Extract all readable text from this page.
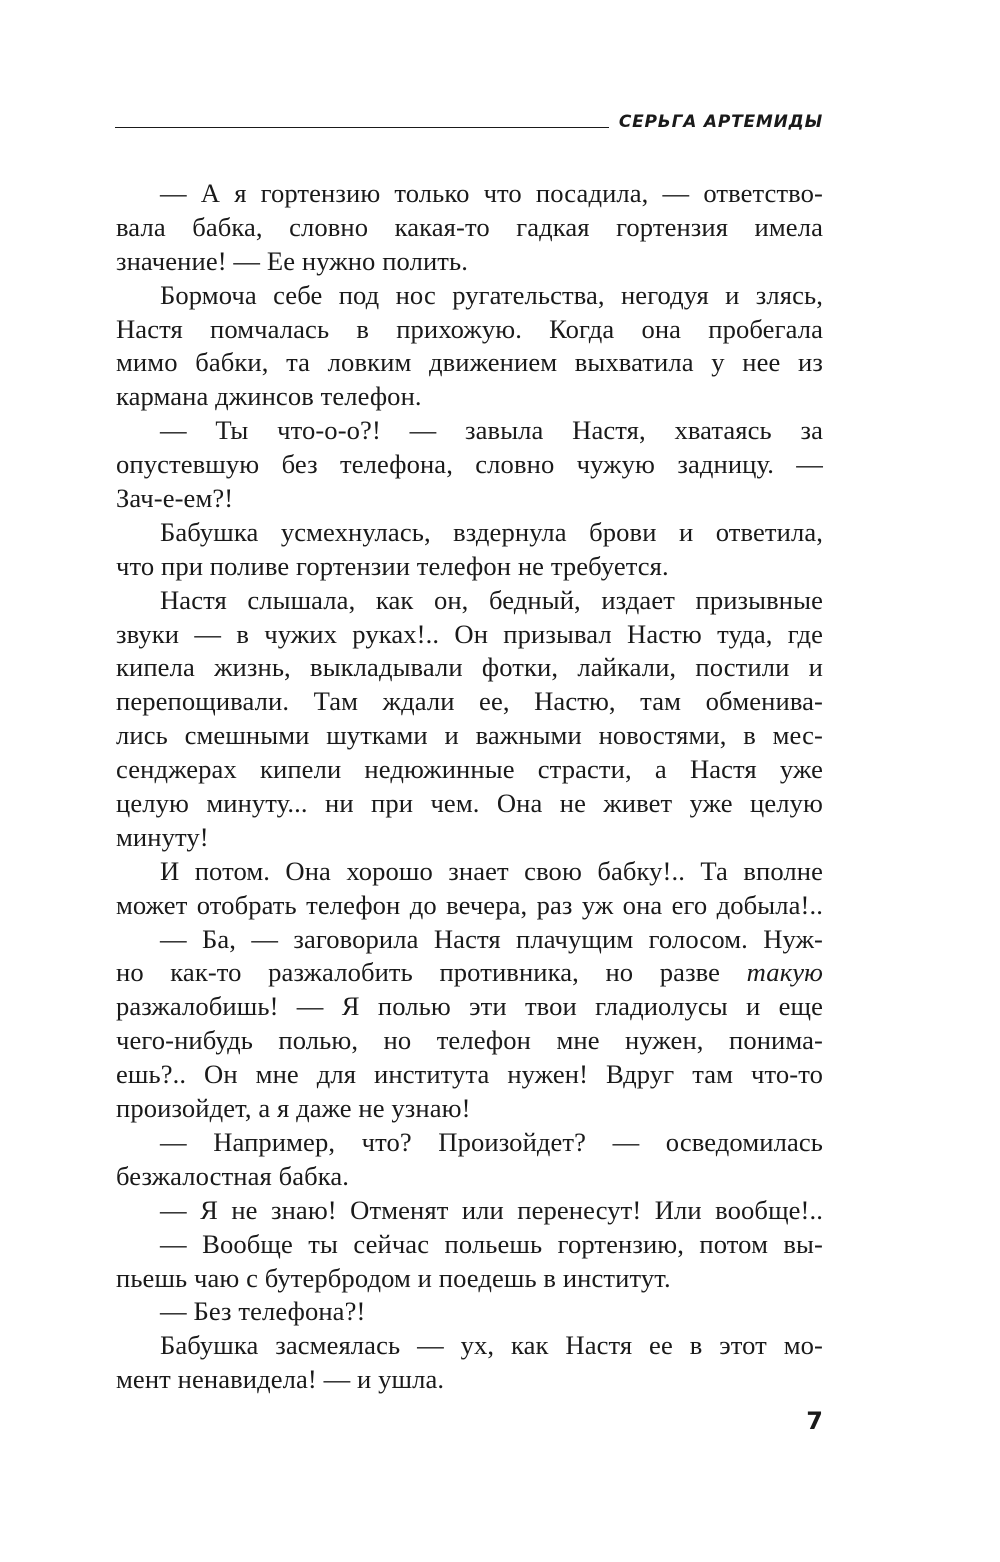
СЕРЬГА АРТЕМИДЫ
— А я гортензию только что посадила, — ответство-
вала бабка, словно какая-то гадкая гортензия имела
значение! — Ее нужно полить.
Бормоча себе под нос ругательства, негодуя и злясь,
Настя помчалась в прихожую. Когда она пробегала
мимо бабки, та ловким движением выхватила у нее из
кармана джинсов телефон.
— Ты что-о-о?! — завыла Настя, хватаясь за
опустевшую без телефона, словно чужую задницу. —
Зач-е-ем?!
Бабушка усмехнулась, вздернула брови и ответила,
что при поливе гортензии телефон не требуется.
Настя слышала, как он, бедный, издает призывные
звуки — в чужих руках!.. Он призывал Настю туда, где
кипела жизнь, выкладывали фотки, лайкали, постили и
перепощивали. Там ждали ее, Настю, там обменива-
лись смешными шутками и важными новостями, в мес-
сенджерах кипели недюжинные страсти, а Настя уже
целую минуту... ни при чем. Она не живет уже целую
минуту!
И потом. Она хорошо знает свою бабку!.. Та вполне
может отобрать телефон до вечера, раз уж она его добыла!..
— Ба, — заговорила Настя плачущим голосом. Нуж-
но как-то разжалобить противника, но разве такую
разжалобишь! — Я полью эти твои гладиолусы и еще
чего-нибудь полью, но телефон мне нужен, понима-
ешь?.. Он мне для института нужен! Вдруг там что-то
произойдет, а я даже не узнаю!
— Например, что? Произойдет? — осведомилась
безжалостная бабка.
— Я не знаю! Отменят или перенесут! Или вообще!..
— Вообще ты сейчас польешь гортензию, потом вы-
пьешь чаю с бутербродом и поедешь в институт.
— Без телефона?!
Бабушка засмеялась — ух, как Настя ее в этот мо-
мент ненавидела! — и ушла.
7
